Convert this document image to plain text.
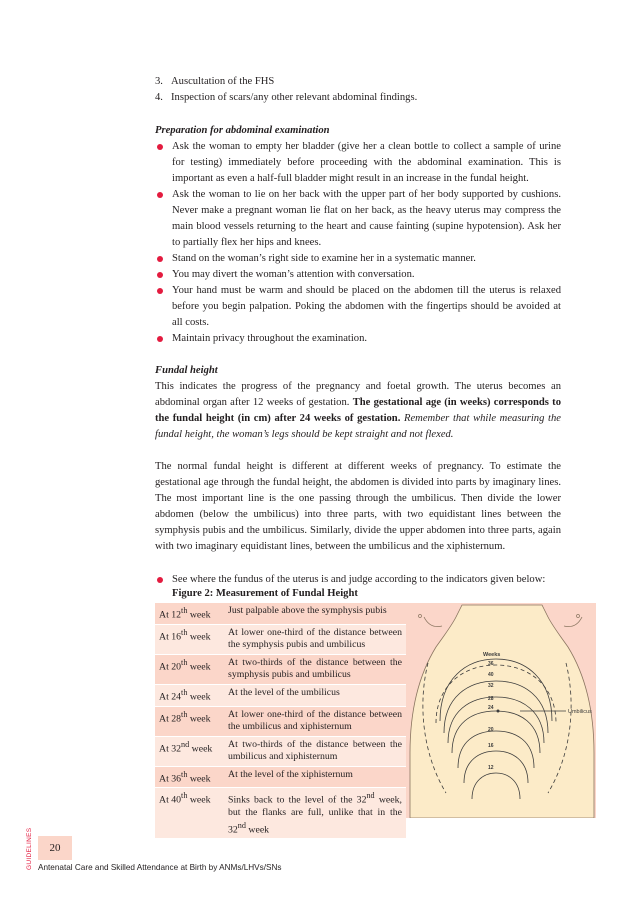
3. Auscultation of the FHS
4. Inspection of scars/any other relevant abdominal findings.

Preparation for abdominal examination

Ask the woman to empty her bladder (give her a clean bottle to collect a sample of urine for testing) immediately before proceeding with the abdominal examination. This is important as even a half-full bladder might result in an increase in the fundal height.
Ask the woman to lie on her back with the upper part of her body supported by cushions. Never make a pregnant woman lie flat on her back, as the heavy uterus may compress the main blood vessels returning to the heart and cause fainting (supine hypotension). Ask her to partially flex her hips and knees.
Stand on the woman’s right side to examine her in a systematic manner.
You may divert the woman’s attention with conversation.
Your hand must be warm and should be placed on the abdomen till the uterus is relaxed before you begin palpation. Poking the abdomen with the fingertips should be avoided at all costs.
Maintain privacy throughout the examination.

Fundal height

This indicates the progress of the pregnancy and foetal growth. The uterus becomes an abdominal organ after 12 weeks of gestation. The gestational age (in weeks) corresponds to the fundal height (in cm) after 24 weeks of gestation. Remember that while measuring the fundal height, the woman’s legs should be kept straight and not flexed.

The normal fundal height is different at different weeks of pregnancy. To estimate the gestational age through the fundal height, the abdomen is divided into parts by imaginary lines. The most important line is the one passing through the umbilicus. Then divide the lower abdomen (below the umbilicus) into three parts, with two equidistant lines between the symphysis pubis and the umbilicus. Similarly, divide the upper abdomen into three parts, again with two imaginary equidistant lines, between the umbilicus and the xiphisternum.

See where the fundus of the uterus is and judge according to the indicators given below:
Figure 2: Measurement of Fundal Height
At 12th week	Just palpable above the symphysis pubis
At 16th week	At lower one-third of the distance between the symphysis pubis and umbilicus
At 20th week	At two-thirds of the distance between the symphysis pubis and umbilicus
At 24th week	At the level of the umbilicus
At 28th week	At lower one-third of the distance between the umbilicus and xiphisternum
At 32nd week	At two-thirds of the distance between the umbilicus and xiphisternum
At 36th week	At the level of the xiphisternum
At 40th week	Sinks back to the level of the 32nd week, but the flanks are full, unlike that in the 32nd week
Weeks
36
40
32
28
24
20
16
12
Umbilicus
20
GUIDELINES Antenatal Care and Skilled Attendance at Birth by ANMs/LHVs/SNs
